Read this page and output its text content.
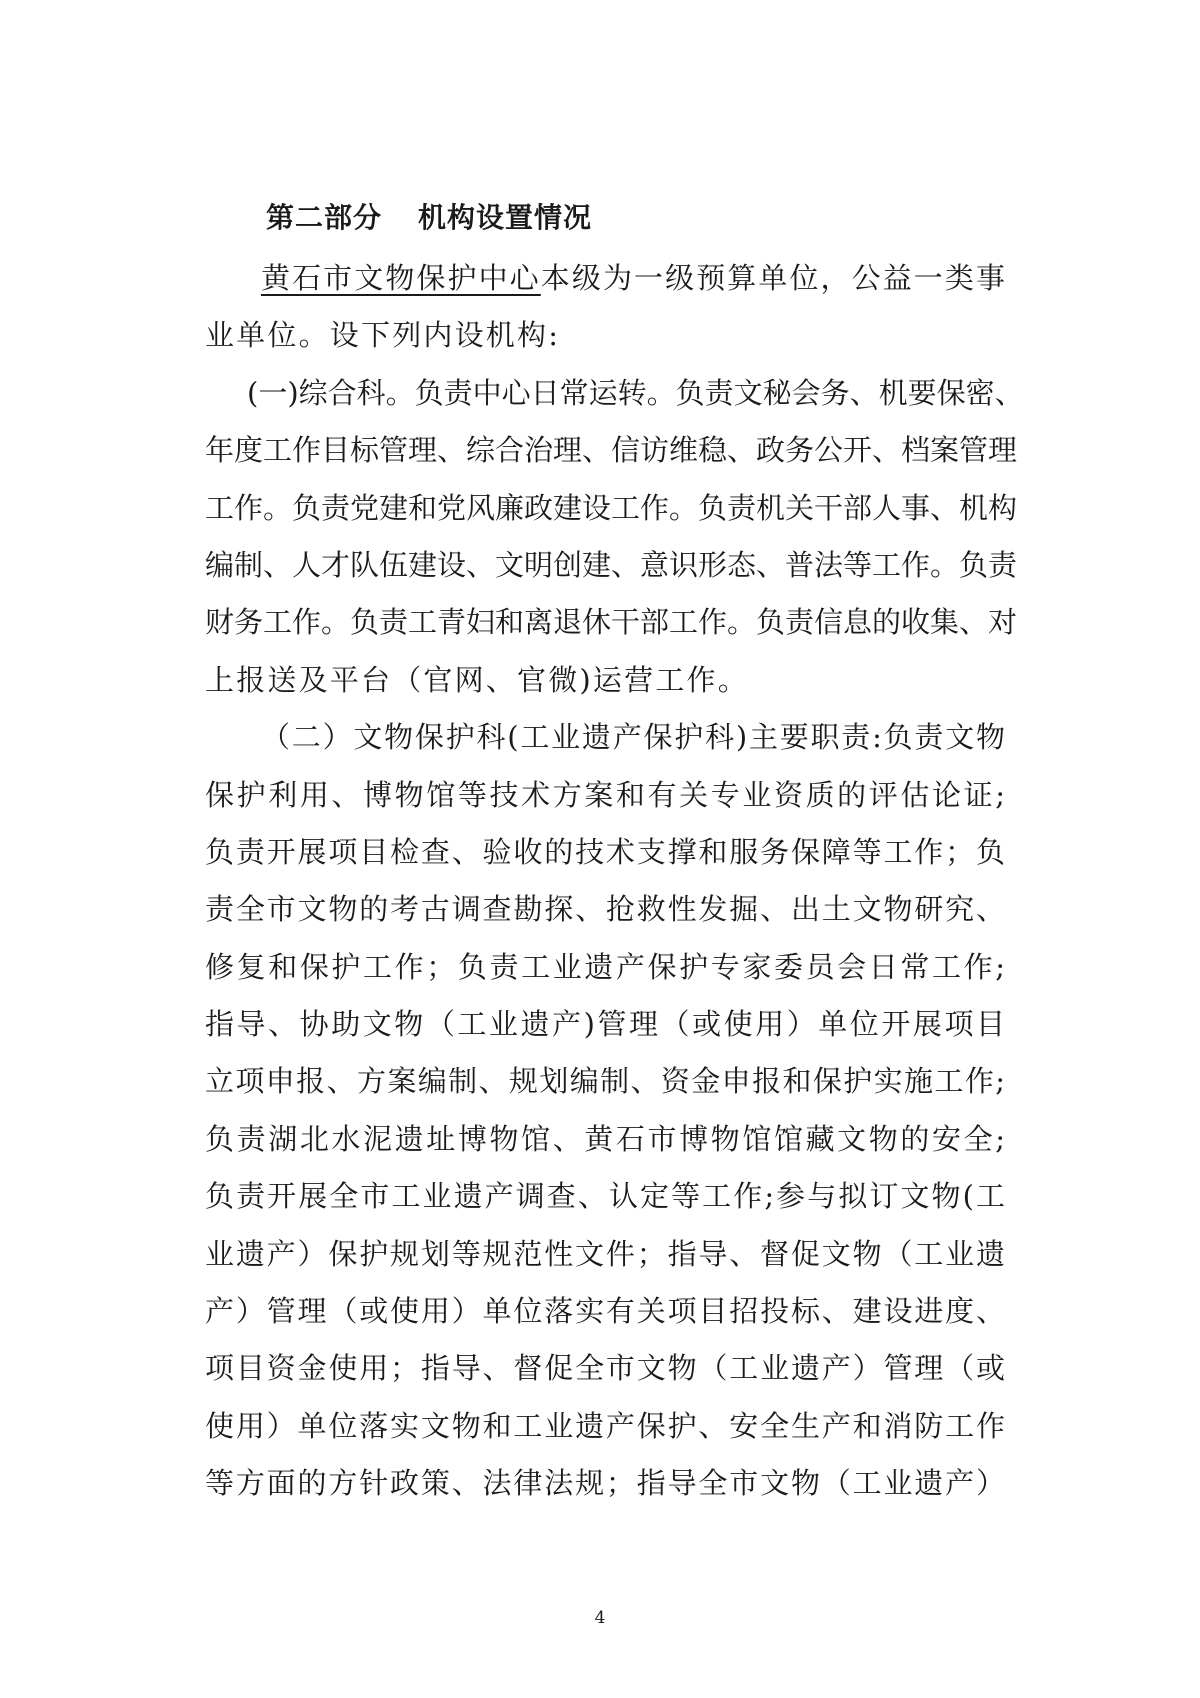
第二部分 机构设置情况
黄石市文物保护中心本级为一级预算单位，公益一类事
业单位。设下列内设机构:
(一)综合科。负责中心日常运转。负责文秘会务、机要保密、
年度工作目标管理、综合治理、信访维稳、政务公开、档案管理
工作。负责党建和党风廉政建设工作。负责机关干部人事、机构
编制、人才队伍建设、文明创建、意识形态、普法等工作。负责
财务工作。负责工青妇和离退休干部工作。负责信息的收集、对
上报送及平台（官网、官微)运营工作。
（二）文物保护科(工业遗产保护科)主要职责:负责文物
保护利用、博物馆等技术方案和有关专业资质的评估论证;
负责开展项目检查、验收的技术支撑和服务保障等工作；负
责全市文物的考古调查勘探、抢救性发掘、出土文物研究、
修复和保护工作；负责工业遗产保护专家委员会日常工作;
指导、协助文物（工业遗产)管理（或使用）单位开展项目
立项申报、方案编制、规划编制、资金申报和保护实施工作;
负责湖北水泥遗址博物馆、黄石市博物馆馆藏文物的安全;
负责开展全市工业遗产调查、认定等工作;参与拟订文物(工
业遗产）保护规划等规范性文件；指导、督促文物（工业遗
产）管理（或使用）单位落实有关项目招投标、建设进度、
项目资金使用；指导、督促全市文物（工业遗产）管理（或
使用）单位落实文物和工业遗产保护、安全生产和消防工作
等方面的方针政策、法律法规；指导全市文物（工业遗产）
4
